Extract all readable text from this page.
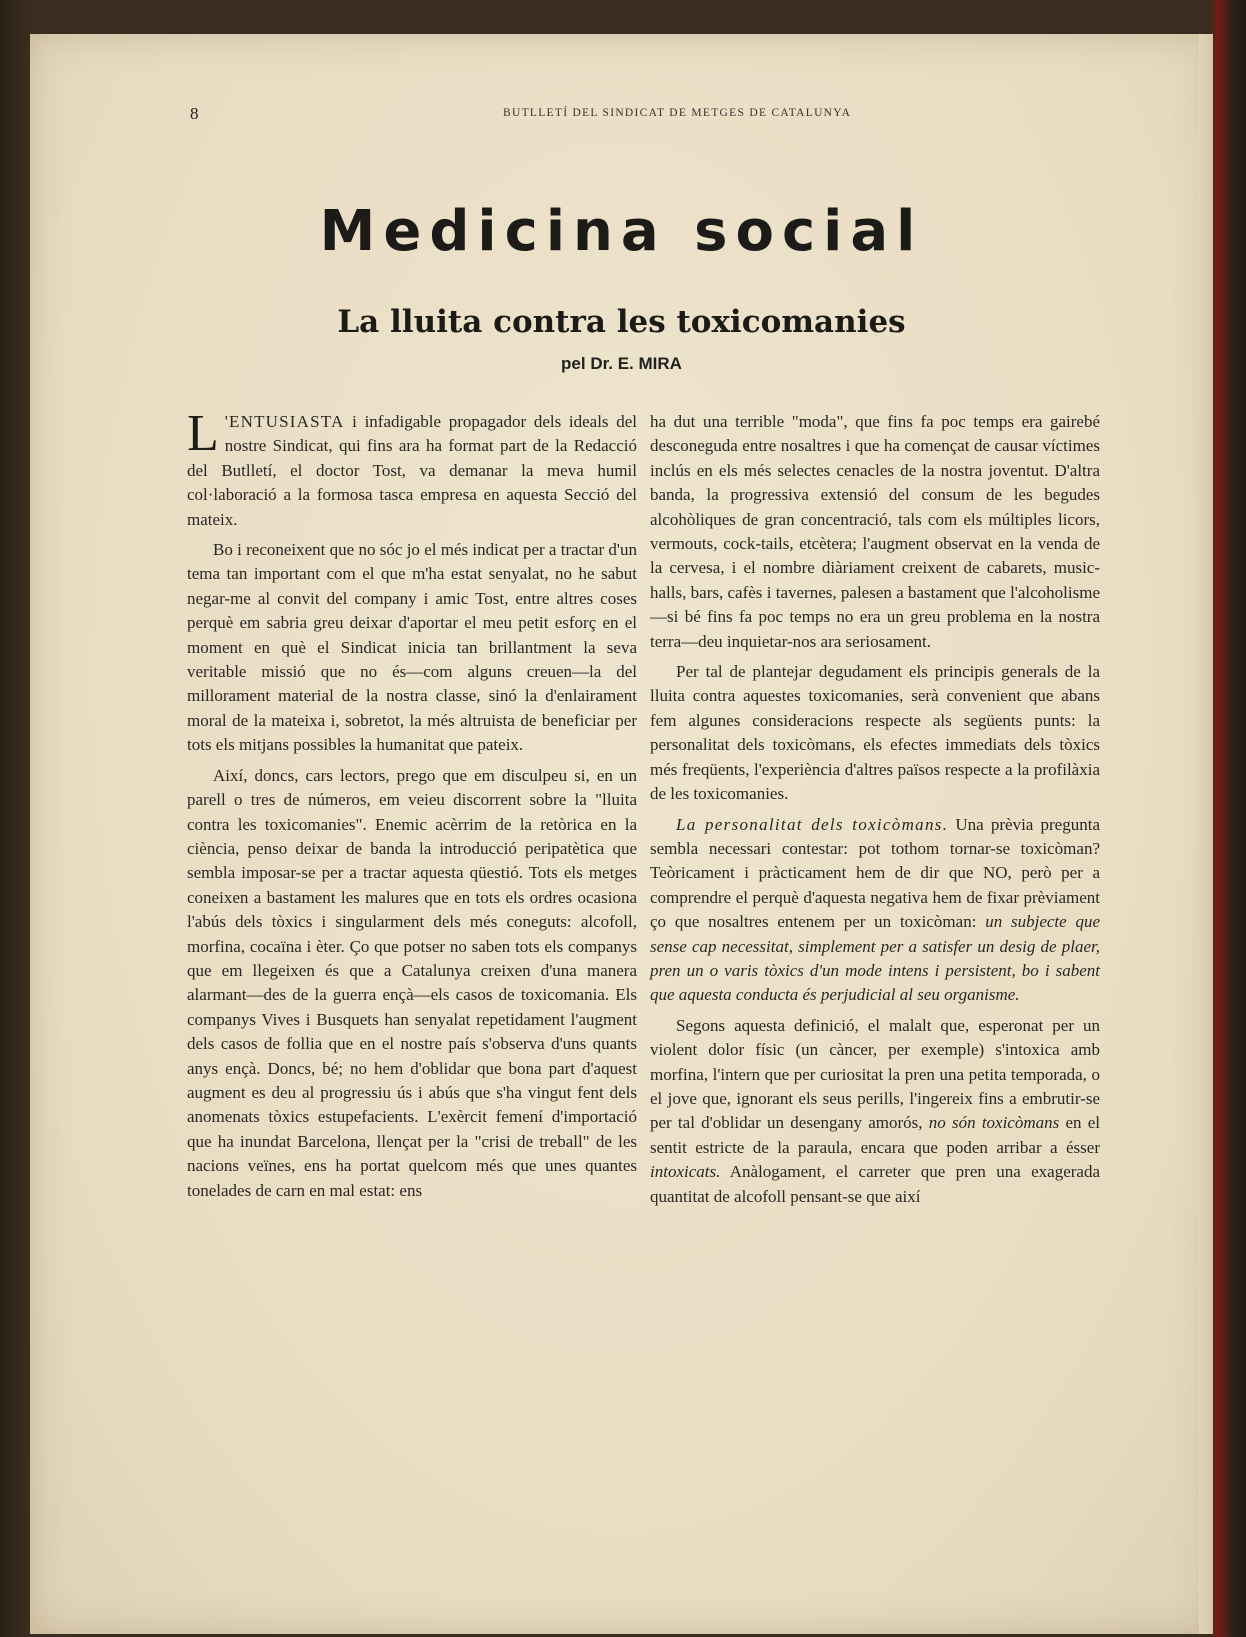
8	BUTLLETÍ DEL SINDICAT DE METGES DE CATALUNYA
Medicina social
La lluita contra les toxicomanies
pel Dr. E. MIRA

L 'ENTUSIASTA i infadigable propagador dels ideals del nostre Sindicat, qui fins ara ha format part de la Redacció del Butlletí, el doctor Tost, va demanar la meva humil col·laboració a la formosa tasca empresa en aquesta Secció del mateix.

Bo i reconeixent que no sóc jo el més indicat per a tractar d'un tema tan important com el que m'ha estat senyalat, no he sabut negar-me al convit del company i amic Tost, entre altres coses perquè em sabria greu deixar d'aportar el meu petit esforç en el moment en què el Sindicat inicia tan brillantment la seva veritable missió que no és—com alguns creuen—la del millorament material de la nostra classe, sinó la d'enlairament moral de la mateixa i, sobretot, la més altruista de beneficiar per tots els mitjans possibles la humanitat que pateix.

Així, doncs, cars lectors, prego que em disculpeu si, en un parell o tres de números, em veieu discorrent sobre la "lluita contra les toxicomanies". Enemic acèrrim de la retòrica en la ciència, penso deixar de banda la introducció peripatètica que sembla imposar-se per a tractar aquesta qüestió. Tots els metges coneixen a bastament les malures que en tots els ordres ocasiona l'abús dels tòxics i singularment dels més coneguts: alcofoll, morfina, cocaïna i èter. Ço que potser no saben tots els companys que em llegeixen és que a Catalunya creixen d'una manera alarmant—des de la guerra ençà—els casos de toxicomania. Els companys Vives i Busquets han senyalat repetidament l'augment dels casos de follia que en el nostre país s'observa d'uns quants anys ençà. Doncs, bé; no hem d'oblidar que bona part d'aquest augment es deu al progressiu ús i abús que s'ha vingut fent dels anomenats tòxics estupefacients. L'exèrcit femení d'importació que ha inundat Barcelona, llençat per la "crisi de treball" de les nacions veïnes, ens ha portat quelcom més que unes quantes tonelades de carn en mal estat: ens

ha dut una terrible "moda", que fins fa poc temps era gairebé desconeguda entre nosaltres i que ha començat de causar víctimes inclús en els més selectes cenacles de la nostra joventut. D'altra banda, la progressiva extensió del consum de les begudes alcohòliques de gran concentració, tals com els múltiples licors, vermouts, cock-tails, etcètera; l'augment observat en la venda de la cervesa, i el nombre diàriament creixent de cabarets, music-halls, bars, cafès i tavernes, palesen a bastament que l'alcoholisme—si bé fins fa poc temps no era un greu problema en la nostra terra—deu inquietar-nos ara seriosament.

Per tal de plantejar degudament els principis generals de la lluita contra aquestes toxicomanies, serà convenient que abans fem algunes consideracions respecte als següents punts: la personalitat dels toxicòmans, els efectes immediats dels tòxics més freqüents, l'experiència d'altres països respecte a la profilàxia de les toxicomanies.

La personalitat dels toxicòmans. Una prèvia pregunta sembla necessari contestar: pot tothom tornar-se toxicòman? Teòricament i pràcticament hem de dir que NO, però per a comprendre el perquè d'aquesta negativa hem de fixar prèviament ço que nosaltres entenem per un toxicòman: un subjecte que sense cap necessitat, simplement per a satisfer un desig de plaer, pren un o varis tòxics d'un mode intens i persistent, bo i sabent que aquesta conducta és perjudicial al seu organisme.

Segons aquesta definició, el malalt que, esperonat per un violent dolor físic (un càncer, per exemple) s'intoxica amb morfina, l'intern que per curiositat la pren una petita temporada, o el jove que, ignorant els seus perills, l'ingereix fins a embrutir-se per tal d'oblidar un desengany amorós, no són toxicòmans en el sentit estricte de la paraula, encara que poden arribar a ésser intoxicats. Anàlogament, el carreter que pren una exagerada quantitat de alcofoll pensant-se que així
